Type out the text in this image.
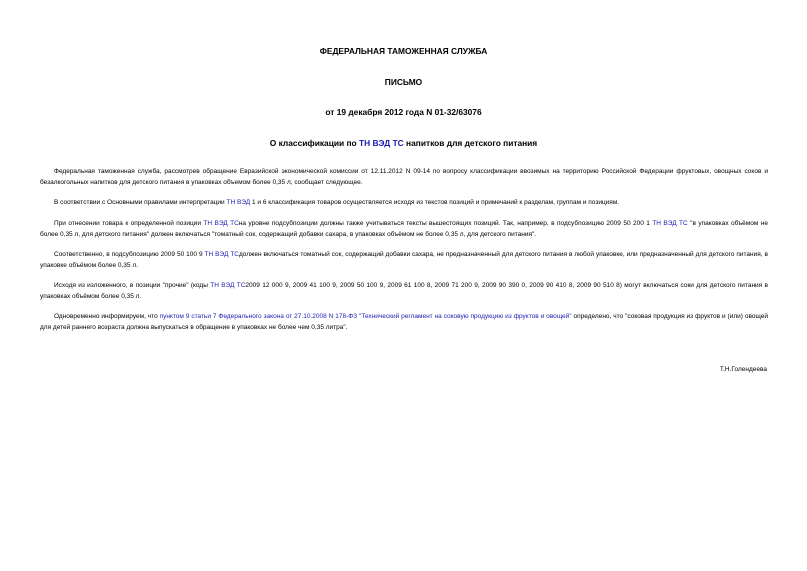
ФЕДЕРАЛЬНАЯ ТАМОЖЕННАЯ СЛУЖБА
ПИСЬМО
от 19 декабря 2012 года N 01-32/63076
О классификации по ТН ВЭД ТС напитков для детского питания

Федеральная таможенная служба, рассмотрев обращение Евразийской экономической комиссии от 12.11.2012 N 09-14 по вопросу классификации ввозимых на территорию Российской Федерации фруктовых, овощных соков и безалкогольных напитков для детского питания в упаковках объемом более 0,35 л, сообщает следующее.

В соответствии с Основными правилами интерпретации ТН ВЭД 1 и 6 классификация товаров осуществляется исходя из текстов позиций и примечаний к разделам, группам и позициям.

При отнесении товара к определенной позиции ТН ВЭД ТСна уровне подсубпозиции должны также учитываться тексты вышестоящих позиций. Так, например, в подсубпозицию 2009 50 200 1 ТН ВЭД ТС "в упаковках объёмом не более 0,35 л, для детского питания" должен включаться "томатный сок, содержащий добавки сахара, в упаковках объёмом не более 0,35 л, для детского питания".

Соответственно, в подсубпозицию 2009 50 100 9 ТН ВЭД ТСдолжен включаться томатный сок, содержащий добавки сахара, не предназначенный для детского питания в любой упаковке, или предназначенный для детского питания, в упаковке объёмом более 0,35 л.

Исходя из изложенного, в позиции "прочие" (коды ТН ВЭД ТС2009 12 000 9, 2009 41 100 9, 2009 50 100 9, 2009 61 100 8, 2009 71 200 9, 2009 90 390 0, 2009 90 410 8, 2009 90 510 8) могут включаться соки для детского питания в упаковках объёмом более 0,35 л.

Одновременно информируем, что пунктом 9 статьи 7 Федерального закона от 27.10.2008 N 178-ФЗ "Технический регламент на соковую продукцию из фруктов и овощей" определено, что "соковая продукция из фруктов и (или) овощей для детей раннего возраста должна выпускаться в обращение в упаковках не более чем 0,35 литра".

Т.Н.Голендеева
